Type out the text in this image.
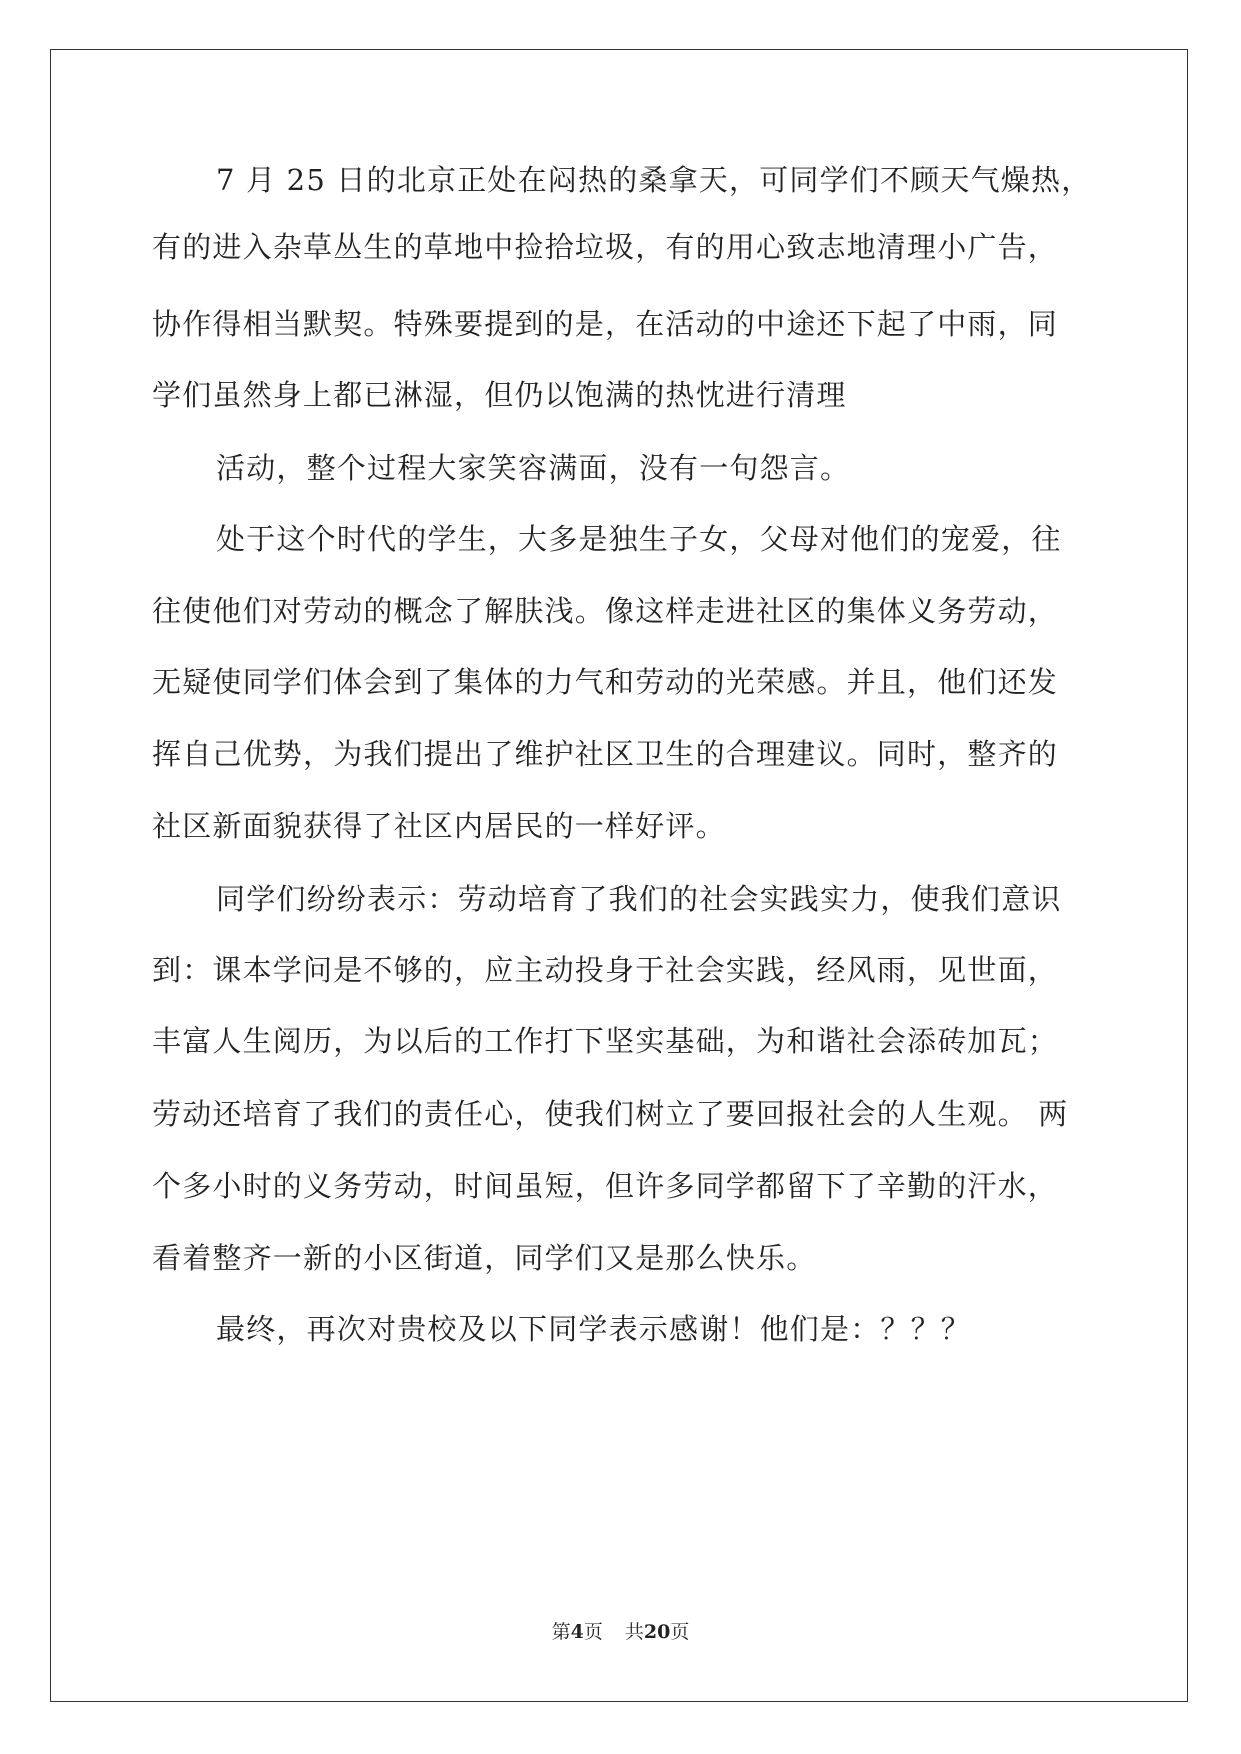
7 月 25 日的北京正处在闷热的桑拿天，可同学们不顾天气燥热，
有的进入杂草丛生的草地中捡拾垃圾，有的用心致志地清理小广告，
协作得相当默契。特殊要提到的是，在活动的中途还下起了中雨，同
学们虽然身上都已淋湿，但仍以饱满的热忱进行清理
活动，整个过程大家笑容满面，没有一句怨言。
处于这个时代的学生，大多是独生子女，父母对他们的宠爱，往
往使他们对劳动的概念了解肤浅。像这样走进社区的集体义务劳动，
无疑使同学们体会到了集体的力气和劳动的光荣感。并且，他们还发
挥自己优势，为我们提出了维护社区卫生的合理建议。同时，整齐的
社区新面貌获得了社区内居民的一样好评。
同学们纷纷表示：劳动培育了我们的社会实践实力，使我们意识
到：课本学问是不够的，应主动投身于社会实践，经风雨，见世面，
丰富人生阅历，为以后的工作打下坚实基础，为和谐社会添砖加瓦；
劳动还培育了我们的责任心，使我们树立了要回报社会的人生观。 两
个多小时的义务劳动，时间虽短，但许多同学都留下了辛勤的汗水，
看着整齐一新的小区街道，同学们又是那么快乐。
最终，再次对贵校及以下同学表示感谢！他们是：？？？
第4页 共20页
